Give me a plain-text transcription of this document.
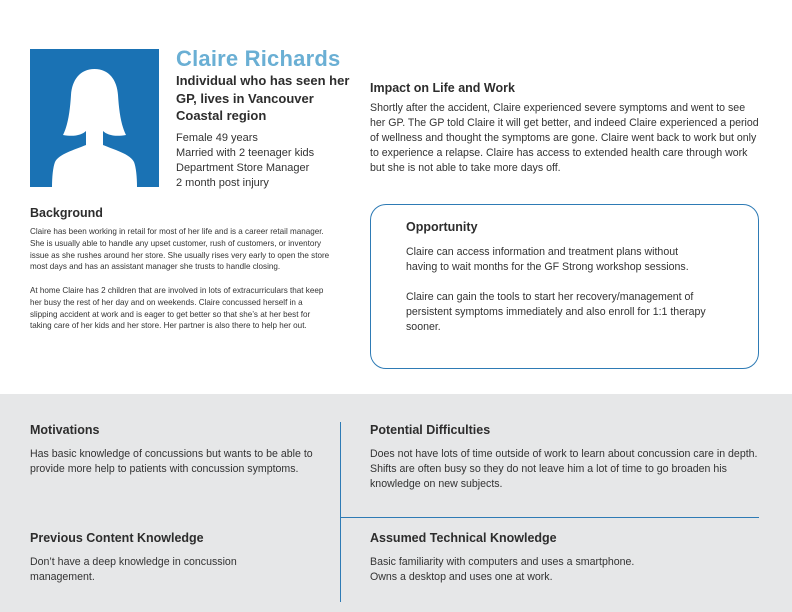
Claire Richards
Individual who has seen her GP, lives in Vancouver Coastal region
Female 49 years
Married with 2 teenager kids
Department Store Manager
2 month post injury
Background

Claire has been working in retail for most of her life and is a career retail manager. She is usually able to handle any upset customer, rush of customers, or inventory issue as she rushes around her store. She usually rises very early to open the store most days and has an assistant manager she trusts to handle closing.

At home Claire has 2 children that are involved in lots of extracurriculars that keep her busy the rest of her day and on weekends. Claire concussed herself in a slipping accident at work and is eager to get better so that she’s at her best for taking care of her kids and her store. Her partner is also there to help her out.

Impact on Life and Work
Shortly after the accident, Claire experienced severe symptoms and went to see her GP. The GP told Claire it will get better, and indeed Claire experienced a period of wellness and thought the symptoms are gone. Claire went back to work but only to experience a relapse. Claire has access to extended health care through work but she is not able to take more days off.
Opportunity

Claire can access information and treatment plans without having to wait months for the GF Strong workshop sessions.

Claire can gain the tools to start her recovery/management of persistent symptoms immediately and also enroll for 1:1 therapy sooner.

Motivations
Has basic knowledge of concussions but wants to be able to provide more help to patients with concussion symptoms.
Potential Difficulties
Does not have lots of time outside of work to learn about concussion care in depth.
Shifts are often busy so they do not leave him a lot of time to go broaden his knowledge on new subjects.
Previous Content Knowledge
Don’t have a deep knowledge in concussion management.
Assumed Technical Knowledge
Basic familiarity with computers and uses a smartphone.
Owns a desktop and uses one at work.
